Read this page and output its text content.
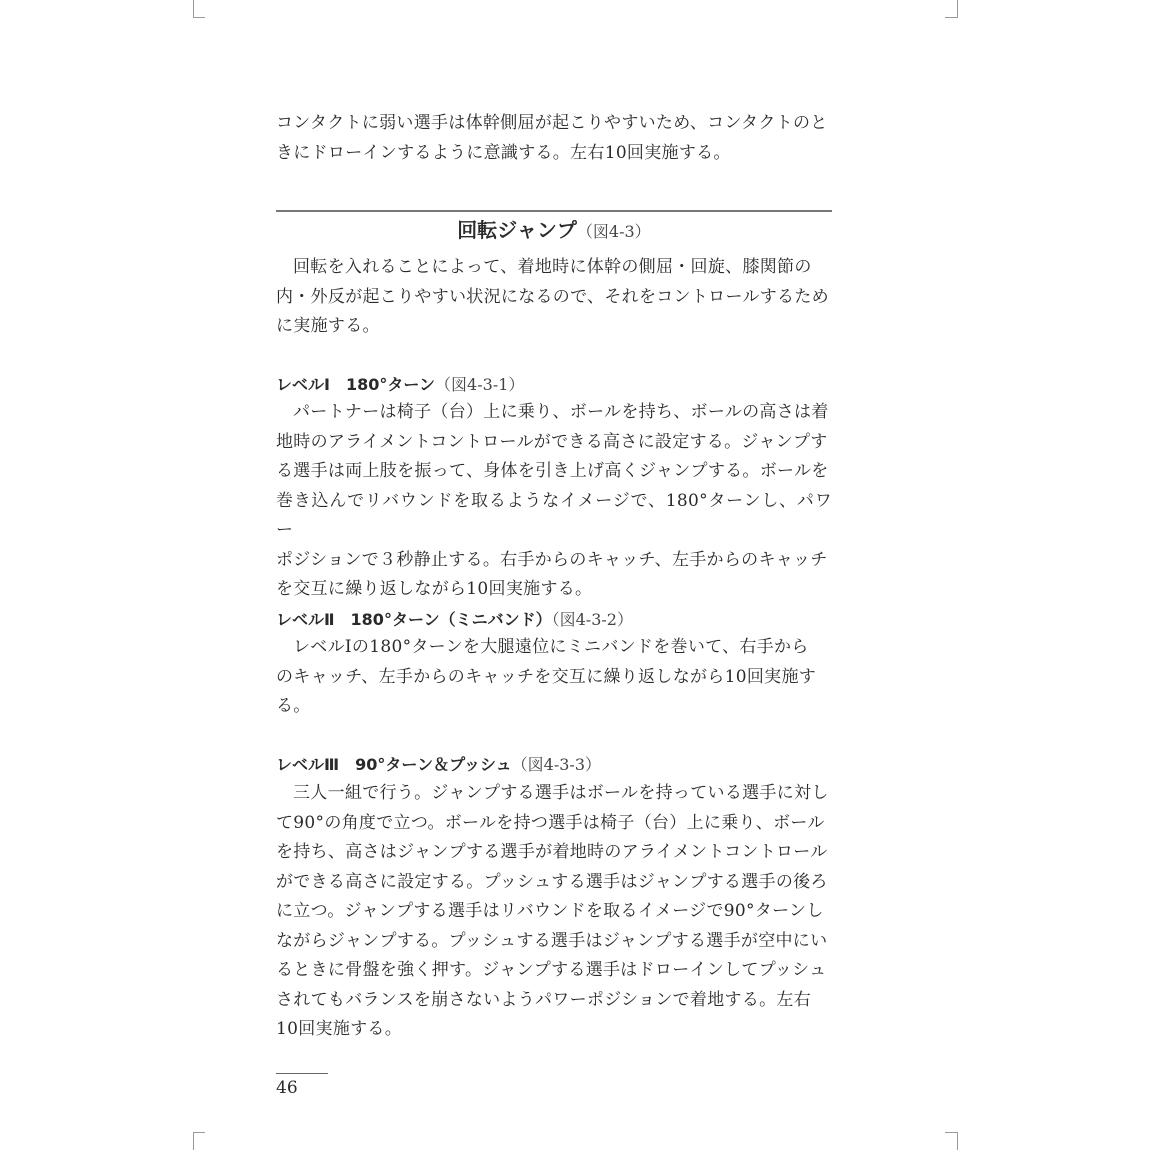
コンタクトに弱い選手は体幹側屈が起こりやすいため、コンタクトのと

きにドローインするように意識する。左右10回実施する。

回転ジャンプ（図4-3）

回転を入れることによって、着地時に体幹の側屈・回旋、膝関節の

内・外反が起こりやすい状況になるので、それをコントロールするため

に実施する。

レベルⅠ　180°ターン（図4-3-1）

パートナーは椅子（台）上に乗り、ボールを持ち、ボールの高さは着

地時のアライメントコントロールができる高さに設定する。ジャンプす

る選手は両上肢を振って、身体を引き上げ高くジャンプする。ボールを

巻き込んでリバウンドを取るようなイメージで、180°ターンし、パワー

ポジションで３秒静止する。右手からのキャッチ、左手からのキャッチ

を交互に繰り返しながら10回実施する。

レベルⅡ　180°ターン（ミニバンド）（図4-3-2）

レベルⅠの180°ターンを大腿遠位にミニバンドを巻いて、右手から

のキャッチ、左手からのキャッチを交互に繰り返しながら10回実施す

る。

レベルⅢ　90°ターン＆プッシュ（図4-3-3）

三人一組で行う。ジャンプする選手はボールを持っている選手に対し

て90°の角度で立つ。ボールを持つ選手は椅子（台）上に乗り、ボール

を持ち、高さはジャンプする選手が着地時のアライメントコントロール

ができる高さに設定する。プッシュする選手はジャンプする選手の後ろ

に立つ。ジャンプする選手はリバウンドを取るイメージで90°ターンし

ながらジャンプする。プッシュする選手はジャンプする選手が空中にい

るときに骨盤を強く押す。ジャンプする選手はドローインしてプッシュ

されてもバランスを崩さないようパワーポジションで着地する。左右

10回実施する。

46
